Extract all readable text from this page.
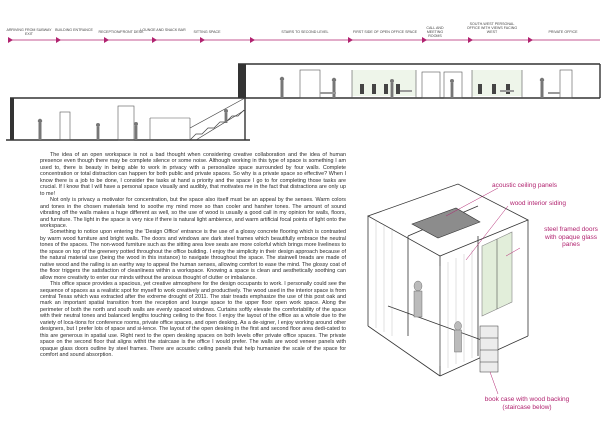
ARRIVING FROM SUBWAY EXIT
BUILDING ENTRANCE	RECEPTION/FRONT DESK
LOUNGE AND SNACK BAR	SITTING SPACE	STAIRS TO SECOND LEVEL	FIRST SIDE OF OPEN OFFICE SPACE
CALL AND MEETING ROOMS
SOUTH-WEST PERSONAL OFFICE WITH VIEWS FACING WEST	PRIVATE OFFICE

The idea of an open workspace is not a bad thought when considering creative collaboration and the idea of human presence even though there may be complete silence or some noise. Although working in this type of space is something I am used to, there is beauty in being able to work in privacy with a personalize space surrounded by four walls. Complete concentration or total distraction can happen for both public and private spaces. So why is a private space so effective? When I know there is a job to be done, I consider the tasks at hand a priority and the space I go to for completing those tasks are crucial. If I know that I will have a personal space visually and audibly, that motivates me in the fact that distractions are only up to me!

Not only is privacy a motivator for concentration, but the space also itself must be an appeal by the senses. Warm colors and tones in the chosen materials tend to soothe my mind more so than cooler and harsher tones. The amount of sound vibrating off the walls makes a huge different as well, so the use of wood is usually a good call in my opinion for walls, floors, and furniture. The light in the space is very nice if there is natural light ambience, and warm artificial focal points of light onto the workspace.

Something to notice upon entering the 'Design Office' entrance is the use of a glossy concrete flooring which is contrasted by warm wood furniture and bright walls. The doors and windows are dark steel frames which beautifully embrace the neutral tones of the spaces. The non-wood furniture such as the sitting area love seats are more colorful which brings more liveliness to the space on top of the greenery potted throughout the office building. I enjoy the simplicity in their design approach because of the natural material use (being the wood in this instance) to navigate throughout the space. The stairwell treads are made of native wood and the railing is an earthy way to appeal the human senses, allowing comfort to ease the mind. The glossy coat of the floor triggers the satisfaction of cleanliness within a workspace. Knowing a space is clean and aesthetically soothing can allow more creativity to enter our minds without the anxious thought of clutter or imbalance.

This office space provides a spacious, yet creative atmosphere for the design occupants to work. I personally could see the sequence of spaces as a realistic spot for myself to work creatively and productively. The wood used in the interior space is from central Texas which was extracted after the extreme drought of 2011. The stair treads emphasize the use of this post oak and mark an important spatial transition from the reception and lounge space to the upper floor open work space. Along the perimeter of both the north and south walls are evenly spaced windows. Curtains softly elevate the comfortability of the space with their neutral tones and balanced lengths touching ceiling to the floor. I enjoy the layout of the office as a whole due to the variety of loca-tions for conference rooms, private office spaces, and open desking. As a de-signer, I enjoy working around other designers, but I prefer lots of space and si-lence. The layout of the open desking in the first and second floor area dedi-cated to this are generous in spatial use. Right next to the open desking spaces on both levels offer private office spaces. The private space on the second floor that aligns withit the staircase is the office I would prefer. The walls are wood veneer panels with opaque glass doors outline by steel frames. There are acoustic ceiling panels that help humanize the scale of the space for comfort and sound absorption.

acoustic ceiling panels
wood interior siding
steel framed doors with opaque glass panes
book case with wood backing (staircase below)
